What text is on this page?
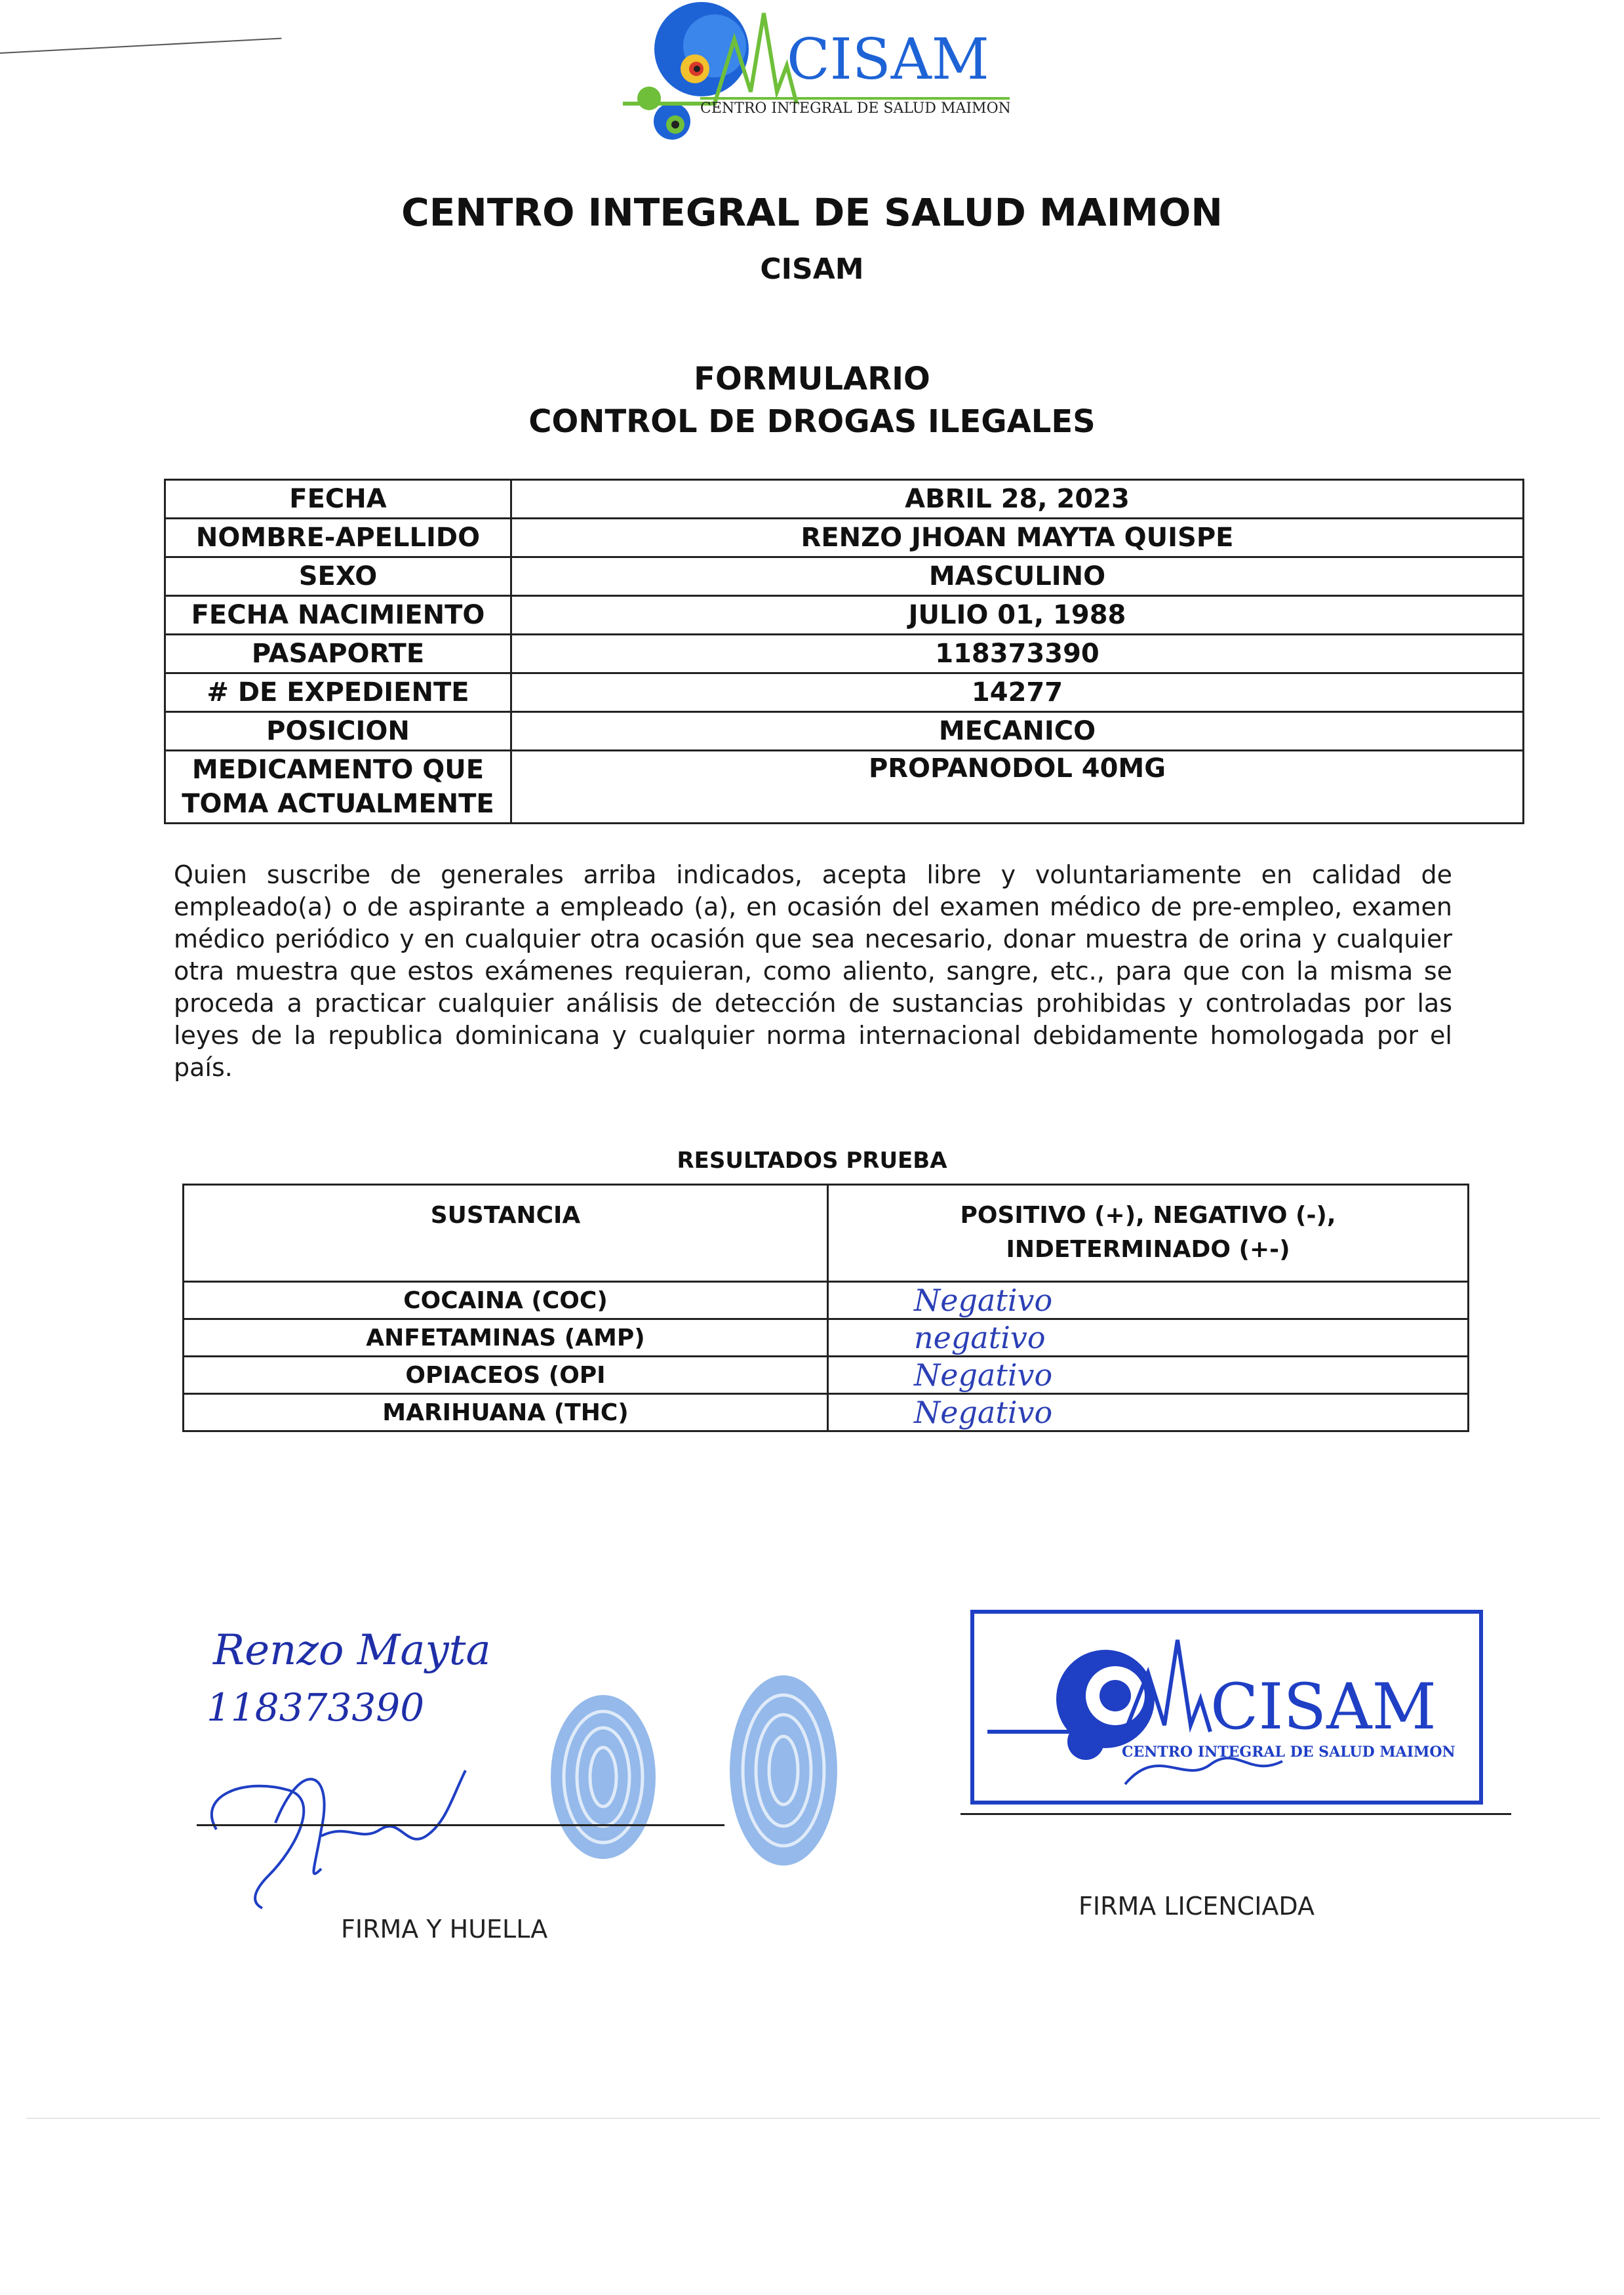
CISAM
CENTRO INTEGRAL DE SALUD MAIMON
CENTRO INTEGRAL DE SALUD MAIMON
CISAM
FORMULARIO
CONTROL DE DROGAS ILEGALES
FECHA	ABRIL 28, 2023
NOMBRE-APELLIDO	RENZO JHOAN MAYTA QUISPE
SEXO	MASCULINO
FECHA NACIMIENTO	JULIO 01, 1988
PASAPORTE	118373390
# DE EXPEDIENTE	14277
POSICION	MECANICO

MEDICAMENTO QUE
TOMA ACTUALMENTE	PROPANODOL 40MG
Quien suscribe de generales arriba indicados, acepta libre y voluntariamente en calidad de empleado(a) o de aspirante a empleado (a), en ocasión del examen médico de pre-empleo, examen médico periódico y en cualquier otra ocasión que sea necesario, donar muestra de orina y cualquier otra muestra que estos exámenes requieran, como aliento, sangre, etc., para que con la misma se proceda a practicar cualquier análisis de detección de sustancias prohibidas y controladas por las leyes de la republica dominicana y cualquier norma internacional debidamente homologada por el país.
RESULTADOS PRUEBA
SUSTANCIA	POSITIVO (+), NEGATIVO (-),
INDETERMINADO (+-)

COCAINA (COC)	Negativo
ANFETAMINAS (AMP)	negativo
OPIACEOS (OPI	Negativo
MARIHUANA (THC)	Negativo
Renzo Mayta
118373390
FIRMA Y HUELLA
CISAM
CENTRO INTEGRAL DE SALUD MAIMON
FIRMA LICENCIADA
